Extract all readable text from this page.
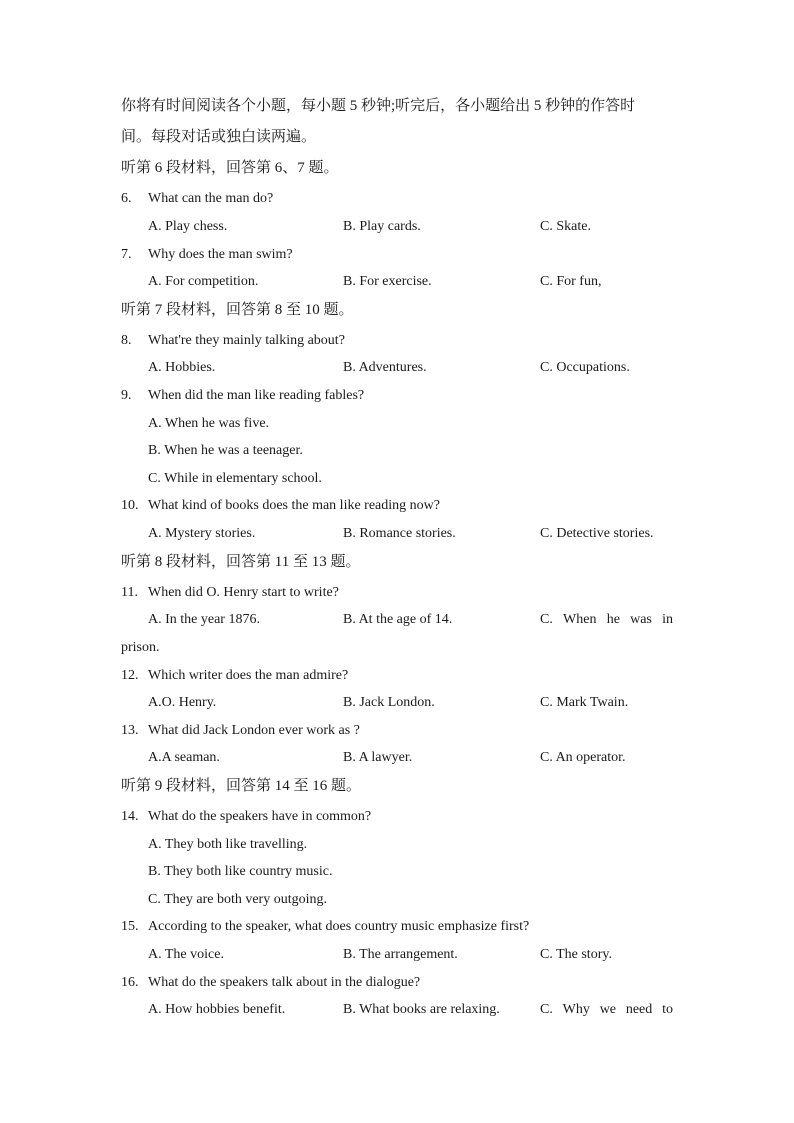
你将有时间阅读各个小题，每小题 5 秒钟;听完后，各小题给出 5 秒钟的作答时
间。每段对话或独白读两遍。
听第 6 段材料，回答第 6、7 题。
6. What can the man do?
A. Play chess.	B. Play cards.	C. Skate.
7. Why does the man swim?
A. For competition.	B. For exercise.	C. For fun,
听第 7 段材料，回答第 8 至 10 题。
8. What're they mainly talking about?
A. Hobbies.	B. Adventures.	C. Occupations.
9. When did the man like reading fables?
A. When he was five.
B. When he was a teenager.
C. While in elementary school.
10. What kind of books does the man like reading now?
A. Mystery stories.	B. Romance stories.	C. Detective stories.
听第 8 段材料，回答第 11 至 13 题。
11. When did O. Henry start to write?
A. In the year 1876.	B. At the age of 14.	C. When he was in
prison.
12. Which writer does the man admire?
A.O. Henry.	B. Jack London.	C. Mark Twain.
13. What did Jack London ever work as ?
A.A seaman.	B. A lawyer.	C. An operator.
听第 9 段材料，回答第 14 至 16 题。
14. What do the speakers have in common?
A. They both like travelling.
B. They both like country music.
C. They are both very outgoing.
15. According to the speaker, what does country music emphasize first?
A. The voice.	B. The arrangement.	C. The story.
16. What do the speakers talk about in the dialogue?
A. How hobbies benefit.	B. What books are relaxing.	C. Why we need to
